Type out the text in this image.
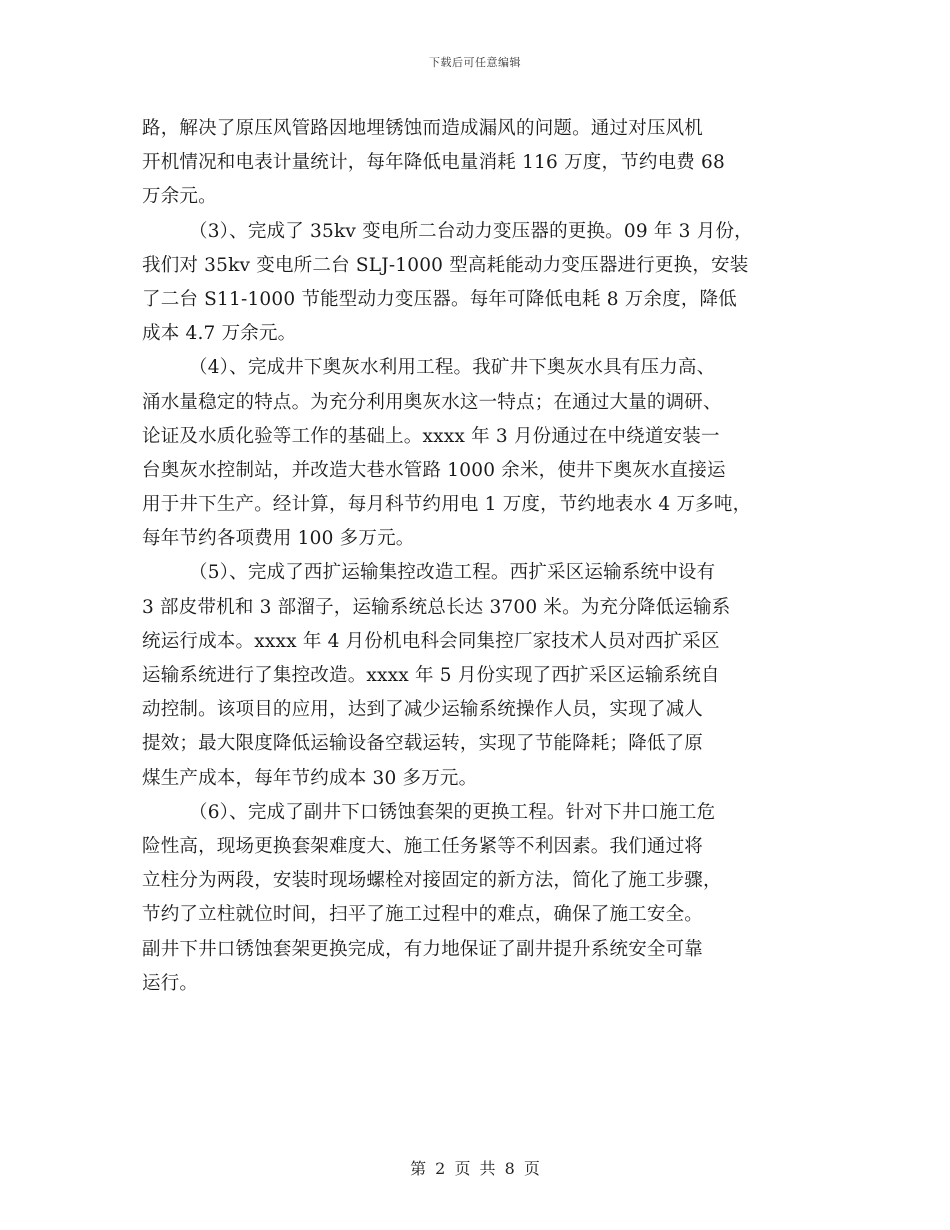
下载后可任意编辑
路，解决了原压风管路因地埋锈蚀而造成漏风的问题。通过对压风机
开机情况和电表计量统计，每年降低电量消耗 116 万度，节约电费 68
万余元。
（3）、完成了 35kv 变电所二台动力变压器的更换。09 年 3 月份，
我们对 35kv 变电所二台 SLJ-1000 型高耗能动力变压器进行更换，安装
了二台 S11-1000 节能型动力变压器。每年可降低电耗 8 万余度，降低
成本 4.7 万余元。
（4）、完成井下奥灰水利用工程。我矿井下奥灰水具有压力高、
涌水量稳定的特点。为充分利用奥灰水这一特点；在通过大量的调研、
论证及水质化验等工作的基础上。xxxx 年 3 月份通过在中绕道安装一
台奥灰水控制站，并改造大巷水管路 1000 余米，使井下奥灰水直接运
用于井下生产。经计算，每月科节约用电 1 万度，节约地表水 4 万多吨，
每年节约各项费用 100 多万元。
（5）、完成了西扩运输集控改造工程。西扩采区运输系统中设有
3 部皮带机和 3 部溜子，运输系统总长达 3700 米。为充分降低运输系
统运行成本。xxxx 年 4 月份机电科会同集控厂家技术人员对西扩采区
运输系统进行了集控改造。xxxx 年 5 月份实现了西扩采区运输系统自
动控制。该项目的应用，达到了减少运输系统操作人员，实现了减人
提效；最大限度降低运输设备空载运转，实现了节能降耗；降低了原
煤生产成本，每年节约成本 30 多万元。
（6）、完成了副井下口锈蚀套架的更换工程。针对下井口施工危
险性高，现场更换套架难度大、施工任务紧等不利因素。我们通过将
立柱分为两段，安装时现场螺栓对接固定的新方法，简化了施工步骤，
节约了立柱就位时间，扫平了施工过程中的难点，确保了施工安全。
副井下井口锈蚀套架更换完成，有力地保证了副井提升系统安全可靠
运行。
第 2 页 共 8 页
